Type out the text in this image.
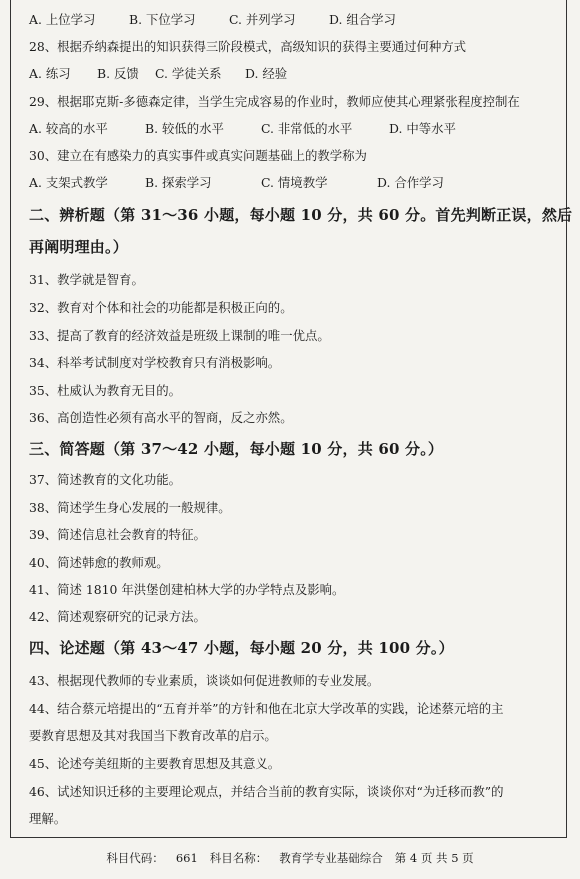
A. 上位学习	B. 下位学习	C. 并列学习	D. 组合学习
28、根据乔纳森提出的知识获得三阶段模式，高级知识的获得主要通过何种方式
A. 练习 B. 反馈 C. 学徒关系 D. 经验
29、根据耶克斯-多德森定律，当学生完成容易的作业时，教师应使其心理紧张程度控制在
A. 较高的水平	B. 较低的水平	C. 非常低的水平	D. 中等水平
30、建立在有感染力的真实事件或真实问题基础上的教学称为
A. 支架式教学	B. 探索学习	C. 情境教学	D. 合作学习
二、辨析题（第 31～36 小题，每小题 10 分，共 60 分。首先判断正误，然后
再阐明理由。）
31、教学就是智育。
32、教育对个体和社会的功能都是积极正向的。
33、提高了教育的经济效益是班级上课制的唯一优点。
34、科举考试制度对学校教育只有消极影响。
35、杜威认为教育无目的。
36、高创造性必须有高水平的智商，反之亦然。
三、简答题（第 37～42 小题，每小题 10 分，共 60 分。）
37、简述教育的文化功能。
38、简述学生身心发展的一般规律。
39、简述信息社会教育的特征。
40、简述韩愈的教师观。
41、简述 1810 年洪堡创建柏林大学的办学特点及影响。
42、简述观察研究的记录方法。
四、论述题（第 43～47 小题，每小题 20 分，共 100 分。）
43、根据现代教师的专业素质，谈谈如何促进教师的专业发展。
44、结合蔡元培提出的“五育并举”的方针和他在北京大学改革的实践，论述蔡元培的主
要教育思想及其对我国当下教育改革的启示。
45、论述夸美纽斯的主要教育思想及其意义。
46、试述知识迁移的主要理论观点，并结合当前的教育实际，谈谈你对“为迁移而教”的
理解。
科目代码： 661 科目名称： 教育学专业基础综合 第 4 页 共 5 页
